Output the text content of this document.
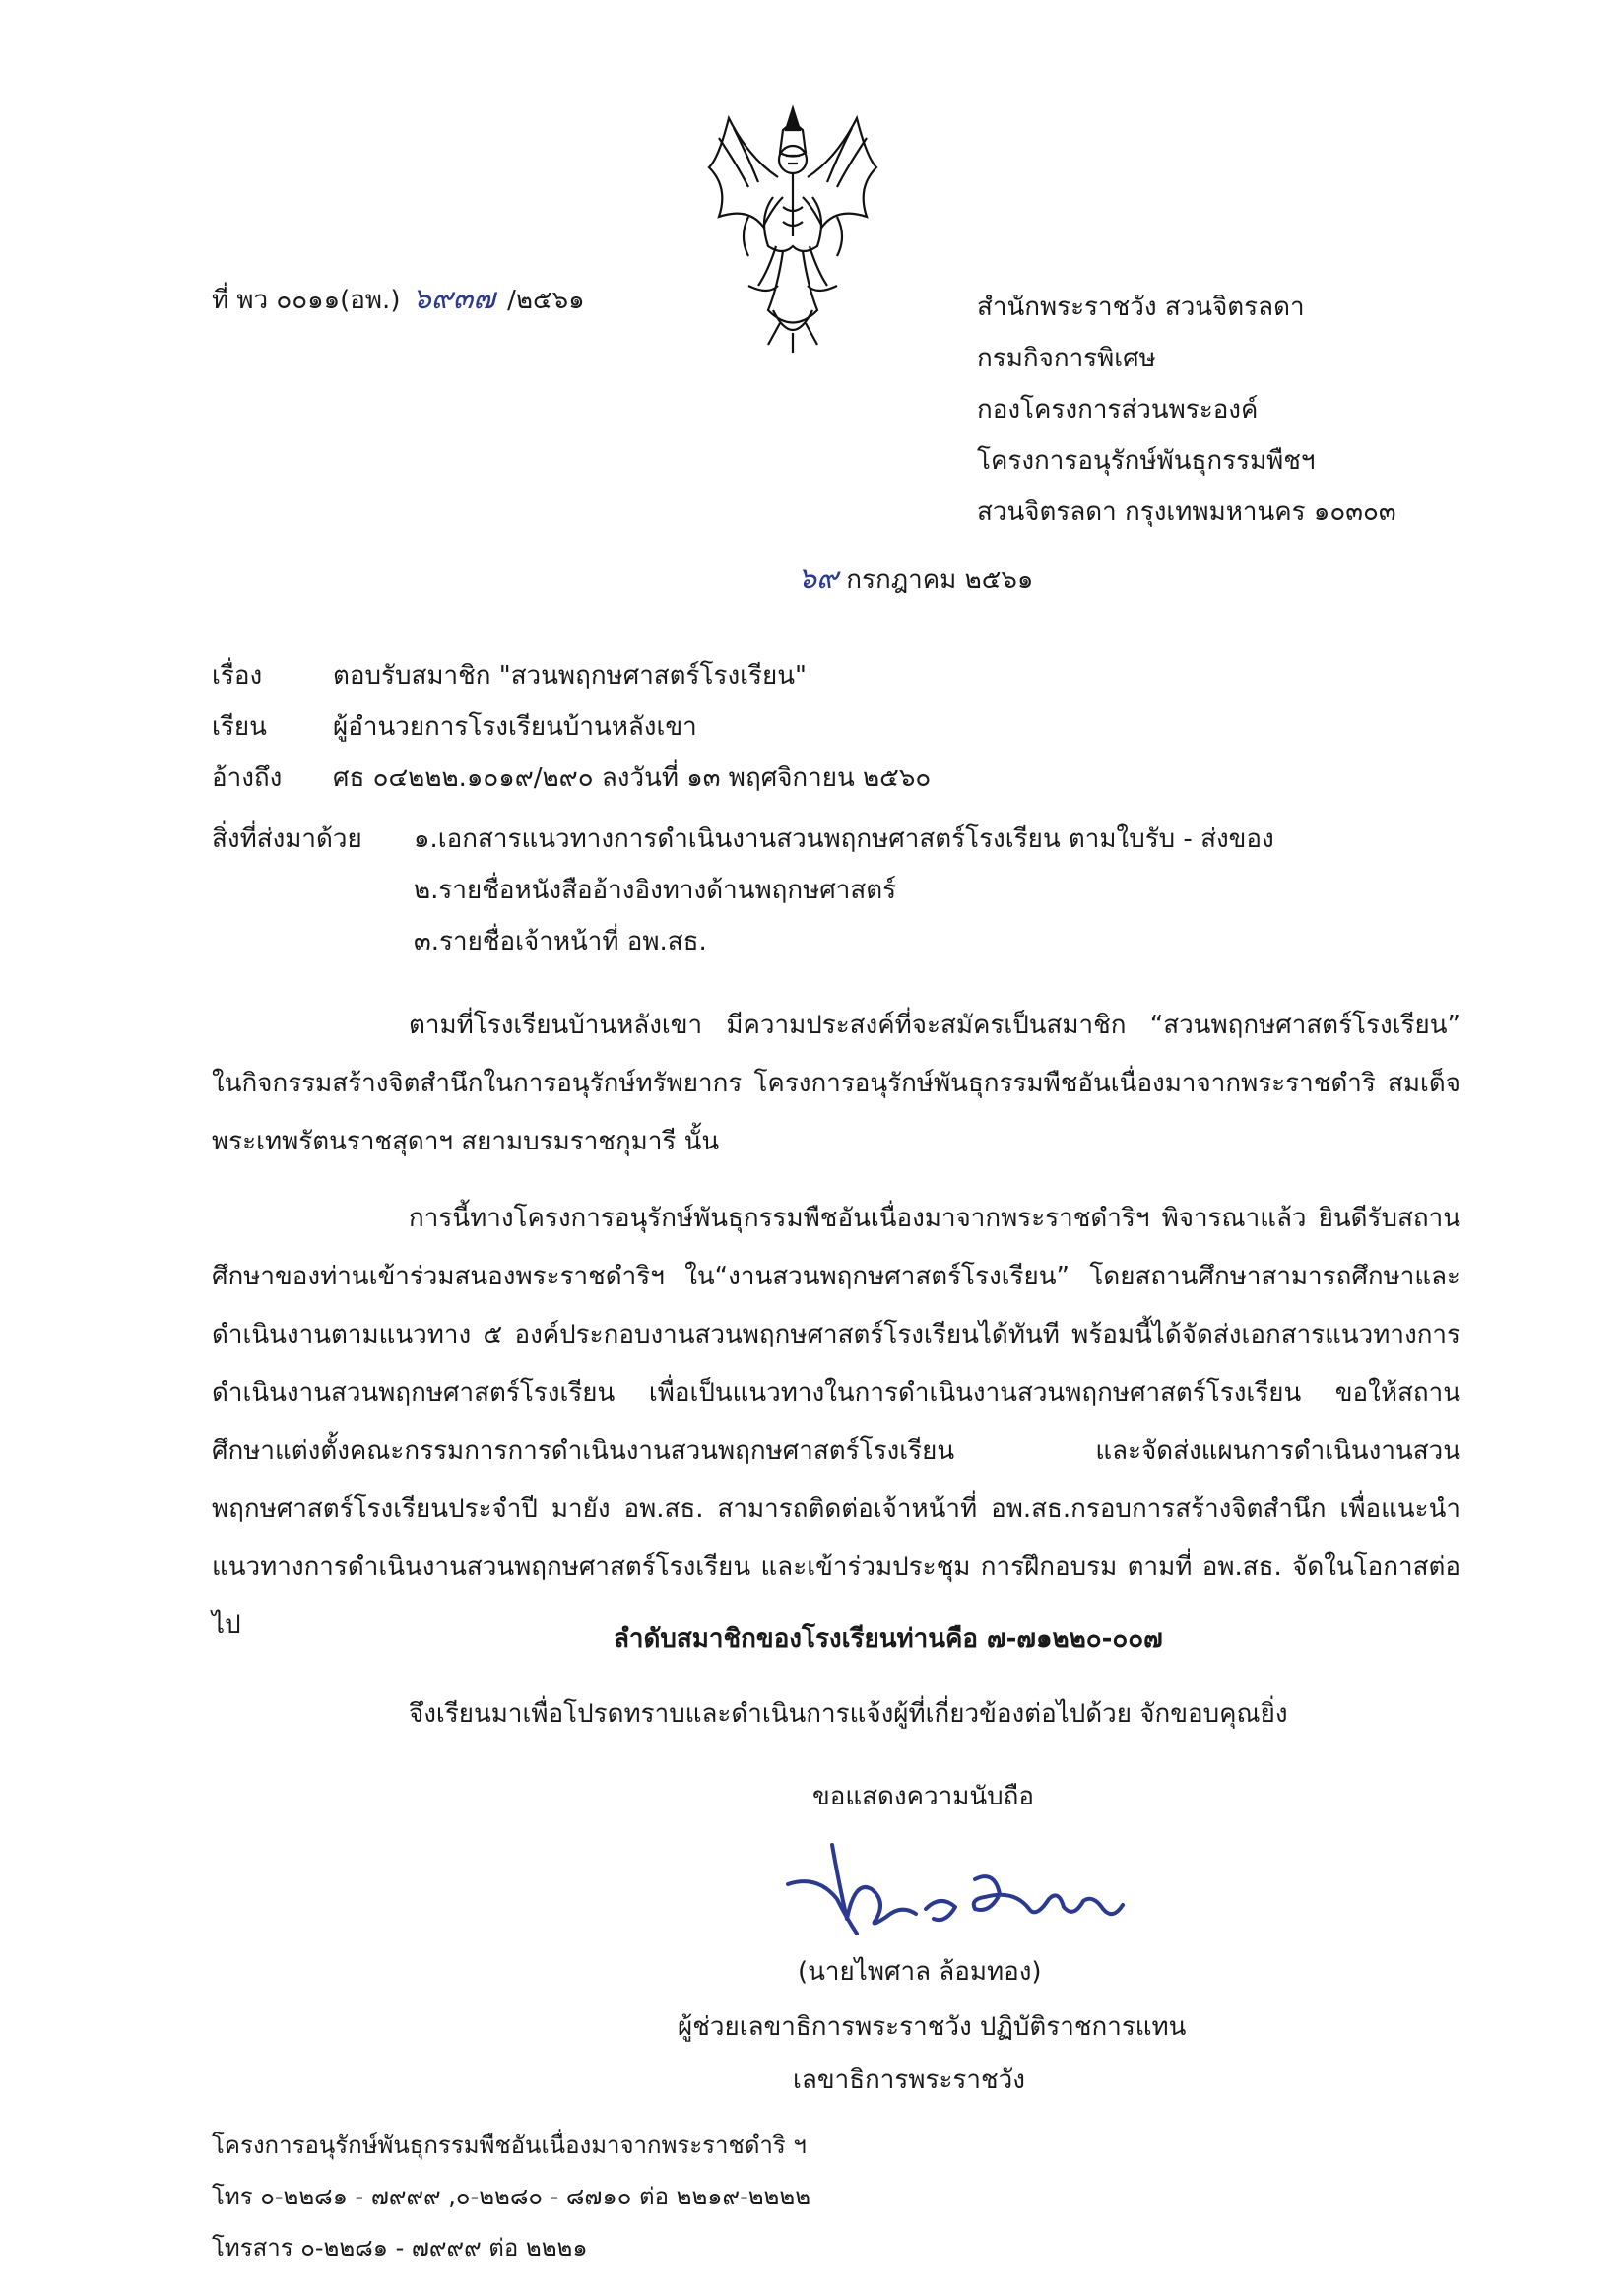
ที่ พว ๐๐๑๑(อพ.) ๖๙๓๗ /๒๕๖๑	สำนักพระราชวัง สวนจิตรลดา
กรมกิจการพิเศษ
กองโครงการส่วนพระองค์
โครงการอนุรักษ์พันธุกรรมพืชฯ
สวนจิตรลดา กรุงเทพมหานคร ๑๐๓๐๓
๖๙ กรกฎาคม ๒๕๖๑
เรื่อง	ตอบรับสมาชิก "สวนพฤกษศาสตร์โรงเรียน"
เรียน	ผู้อำนวยการโรงเรียนบ้านหลังเขา
อ้างถึง ศธ ๐๔๒๒๒.๑๐๑๙/๒๙๐ ลงวันที่ ๑๓ พฤศจิกายน ๒๕๖๐
สิ่งที่ส่งมาด้วย ๑.เอกสารแนวทางการดำเนินงานสวนพฤกษศาสตร์โรงเรียน ตามใบรับ - ส่งของ
๒.รายชื่อหนังสืออ้างอิงทางด้านพฤกษศาสตร์
๓.รายชื่อเจ้าหน้าที่ อพ.สธ.
ตามที่โรงเรียนบ้านหลังเขา มีความประสงค์ที่จะสมัครเป็นสมาชิก “สวนพฤกษศาสตร์โรงเรียน” ในกิจกรรมสร้างจิตสำนึกในการอนุรักษ์ทรัพยากร โครงการอนุรักษ์พันธุกรรมพืชอันเนื่องมาจากพระราชดำริ สมเด็จพระเทพรัตนราชสุดาฯ สยามบรมราชกุมารี นั้น
การนี้ทางโครงการอนุรักษ์พันธุกรรมพืชอันเนื่องมาจากพระราชดำริฯ พิจารณาแล้ว ยินดีรับสถานศึกษาของท่านเข้าร่วมสนองพระราชดำริฯ ใน“งานสวนพฤกษศาสตร์โรงเรียน” โดยสถานศึกษาสามารถศึกษาและดำเนินงานตามแนวทาง ๕ องค์ประกอบงานสวนพฤกษศาสตร์โรงเรียนได้ทันที พร้อมนี้ได้จัดส่งเอกสารแนวทางการดำเนินงานสวนพฤกษศาสตร์โรงเรียน เพื่อเป็นแนวทางในการดำเนินงานสวนพฤกษศาสตร์โรงเรียน ขอให้สถานศึกษาแต่งตั้งคณะกรรมการการดำเนินงานสวนพฤกษศาสตร์โรงเรียน และจัดส่งแผนการดำเนินงานสวนพฤกษศาสตร์โรงเรียนประจำปี มายัง อพ.สธ. สามารถติดต่อเจ้าหน้าที่ อพ.สธ.กรอบการสร้างจิตสำนึก เพื่อแนะนำแนวทางการดำเนินงานสวนพฤกษศาสตร์โรงเรียน และเข้าร่วมประชุม การฝึกอบรม ตามที่ อพ.สธ. จัดในโอกาสต่อไป	ลำดับสมาชิกของโรงเรียนท่านคือ ๗-๗๑๒๒๐-๐๐๗
จึงเรียนมาเพื่อโปรดทราบและดำเนินการแจ้งผู้ที่เกี่ยวข้องต่อไปด้วย จักขอบคุณยิ่ง
ขอแสดงความนับถือ
(นายไพศาล ล้อมทอง)
ผู้ช่วยเลขาธิการพระราชวัง ปฏิบัติราชการแทน
เลขาธิการพระราชวัง
โครงการอนุรักษ์พันธุกรรมพืชอันเนื่องมาจากพระราชดำริ ฯ
โทร ๐-๒๒๘๑ - ๗๙๙๙ ,๐-๒๒๘๐ - ๘๗๑๐ ต่อ ๒๒๑๙-๒๒๒๒
โทรสาร ๐-๒๒๘๑ - ๗๙๙๙ ต่อ ๒๒๒๑
